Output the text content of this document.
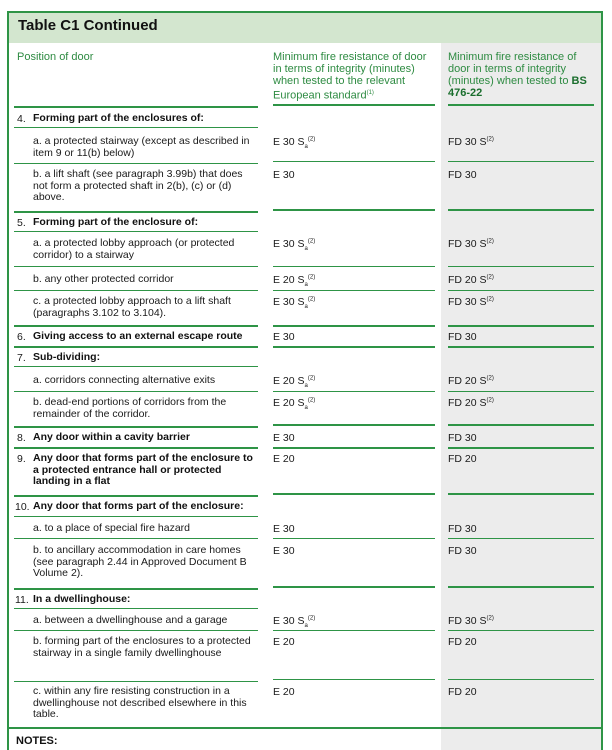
Table C1 Continued
Position of door	Minimum fire resistance of door in terms of integrity (minutes) when tested to the relevant European standard$^{(1)}$
Minimum fire resistance of door in terms of integrity (minutes) when tested to BS 476-22
4. Forming part of the enclosures of:
a. a protected stairway (except as described in item 9 or 11(b) below)
E 30 $S_a^{(2)}$	FD 30 $S^{(2)}$
b. a lift shaft (see paragraph 3.99b) that does not form a protected shaft in 2(b), (c) or (d) above.
E 30	FD 30
5. Forming part of the enclosure of:
a. a protected lobby approach (or protected corridor) to a stairway
E 30 $S_a^{(2)}$	FD 30 $S^{(2)}$
b. any other protected corridor	E 20 $S_a^{(2)}$	FD 20 $S^{(2)}$
c. a protected lobby approach to a lift shaft (paragraphs 3.102 to 3.104).
E 30 $S_a^{(2)}$	FD 30 $S^{(2)}$
6. Giving access to an external escape route	E 30	FD 30
7. Sub-dividing:
a. corridors connecting alternative exits	E 20 $S_a^{(2)}$	FD 20 $S^{(2)}$
b. dead-end portions of corridors from the remainder of the corridor.
E 20 $S_a^{(2)}$	FD 20 $S^{(2)}$
8. Any door within a cavity barrier	E 30	FD 30
9. Any door that forms part of the enclosure to a protected entrance hall or protected landing in a flat
E 20	FD 20
10. Any door that forms part of the enclosure:
a. to a place of special fire hazard	E 30	FD 30
b. to ancillary accommodation in care homes (see paragraph 2.44 in Approved Document B Volume 2).
E 30	FD 30
11. In a dwellinghouse:
a. between a dwellinghouse and a garage	E 30 $S_a^{(2)}$	FD 30 $S^{(2)}$
b. forming part of the enclosures to a protected stairway in a single family dwellinghouse
E 20	FD 20
c. within any fire resisting construction in a dwellinghouse not described elsewhere in this table.
E 20	FD 20
NOTES:
